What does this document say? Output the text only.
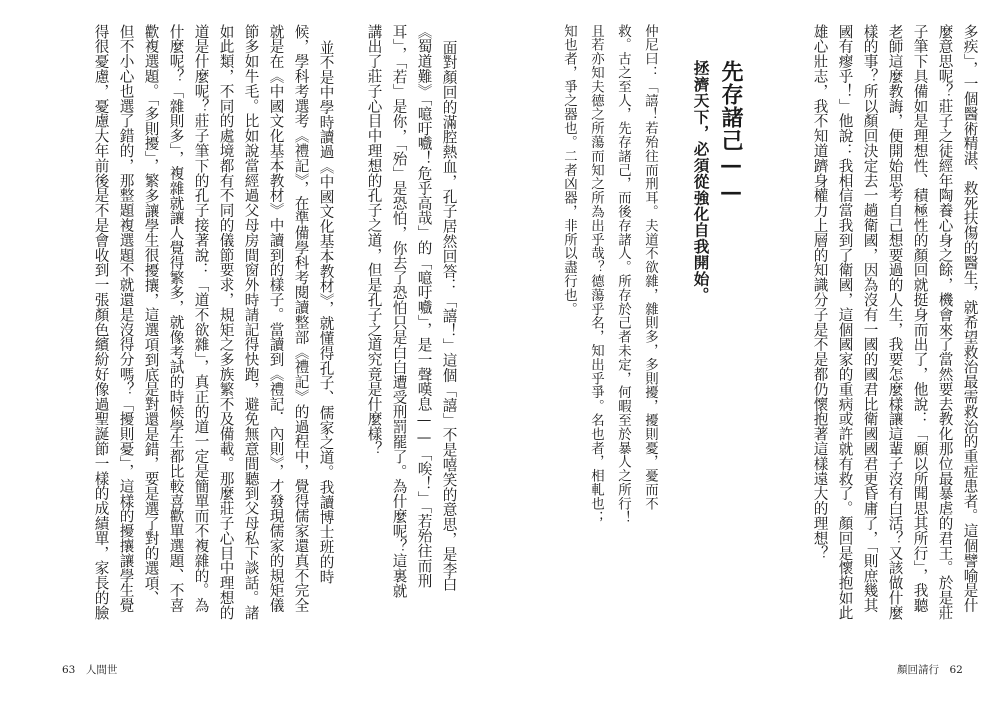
多疾」，一個醫術精湛、救死扶傷的醫生，就希望救治最需救治的重症患者。這個譬喻是什
麼意思呢？莊子之徒經年陶養心身之餘，機會來了當然要去教化那位最暴虐的君王。於是莊
子筆下具備如是理想性、積極性的顏回就挺身而出了，他說：「願以所聞思其所行」，我聽
老師這麼教誨，便開始思考自己想要過的人生，我要怎麼樣讓這輩子沒有白活？又該做什麼
樣的事？所以顏回決定去一趟衛國，因為沒有一國的國君比衛國國君更昏庸了，「則庶幾其
國有瘳乎！」他說：我相信當我到了衛國，這個國家的重病或許就有救了。顏回是懷抱如此
雄心壯志，我不知道躋身權力上層的知識分子是不是都仍懷抱著這樣遠大的理想？
先存諸己——
拯濟天下，必須從強化自我開始。
仲尼曰：「譆！若殆往而刑耳。夫道不欲雜，雜則多，多則擾，擾則憂，憂而不
救。古之至人，先存諸己，而後存諸人。所存於己者未定，何暇至於暴人之所行！
且若亦知夫德之所蕩而知之所為出乎哉？德蕩乎名，知出乎爭。名也者，相軋也；
知也者，爭之器也。二者凶器，非所以盡行也。
顏回請行　62
面對顏回的滿腔熱血，孔子居然回答：「譆！」這個「譆」不是嘻笑的意思，是李白
《蜀道難》「噫吁嚱！危乎高哉」的「噫吁嚱」，是一聲嘆息——「唉！」「若殆往而刑
耳」，「若」是你，「殆」是恐怕，你去了恐怕只是白白遭受刑罰罷了。為什麼呢？這裏就
講出了莊子心目中理想的孔子之道，但是孔子之道究竟是什麼樣？
並不是中學時讀過《中國文化基本教材》，就懂得孔子、儒家之道。我讀博士班的時
候，學科考選考《禮記》，在準備學科考閱讀整部《禮記》的過程中，覺得儒家還真不完全
就是在《中國文化基本教材》中讀到的樣子。當讀到《禮記．內則》，才發現儒家的規矩儀
節多如牛毛。比如說當經過父母房間窗外時請記得快跑，避免無意間聽到父母私下談話。諸
如此類，不同的處境都有不同的儀節要求，規矩之多族繁不及備載。那麼莊子心目中理想的
道是什麼呢？莊子筆下的孔子接著說：「道不欲雜」，真正的道一定是簡單而不複雜的。為
什麼呢？「雜則多」，複雜就讓人覺得繁多，就像考試的時候學生都比較喜歡單選題、不喜
歡複選題。「多則擾」，繁多讓學生很擾攘，這選項到底是對還是錯，要是選了對的選項、
但不小心也選了錯的，那整題複選題不就還是沒得分嗎？「擾則憂」，這樣的擾攘讓學生覺
得很憂慮，憂慮大年前後是不是會收到一張顏色繽紛好像過聖誕節一樣的成績單，家長的臉
63　人間世
